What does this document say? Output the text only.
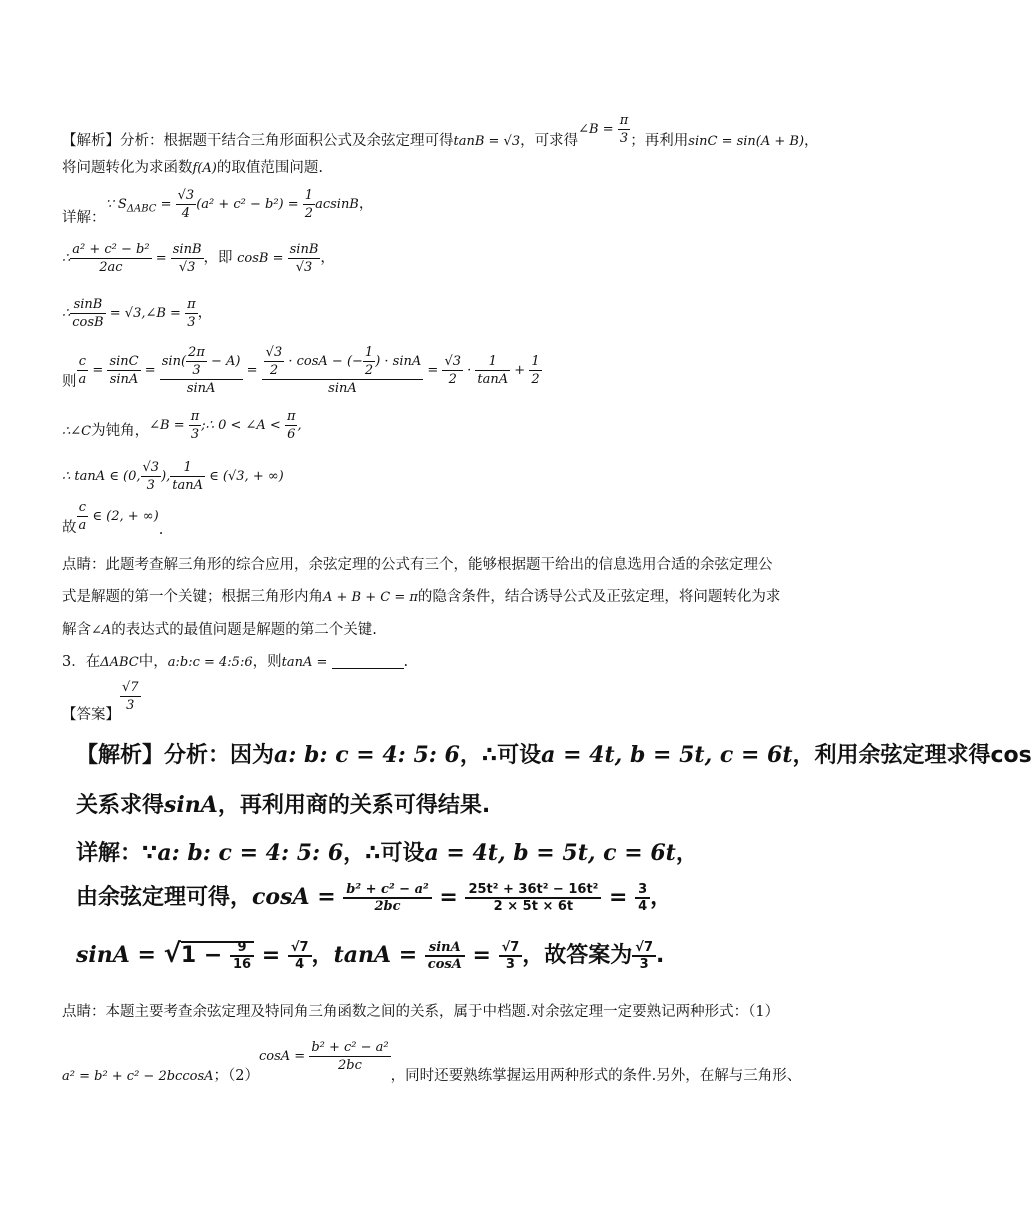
【解析】分析：根据题干结合三角形面积公式及余弦定理可得tanB = √3，可求得∠B = $\frac{\pi}{3}$ ；再利用sinC = sin(A + B)，
将问题转化为求函数f(A)的取值范围问题.
详解：∵ $S_{\Delta ABC} = \frac{√3}{4} (a^2 + c^2 - b^2) = \frac{1}{2}$ acsinB，
∴ $\frac{\text{a² + c² − b²}}{2ac} = \frac{\sin B}{√3}$ ，即 $\cos B = \frac{\sin B}{√3}$ ，
∴ $\frac{\sin B}{\cos B}$ = √3,∠B = $\frac{\pi}{3}$ ，
则 $\frac{c}{a} = \frac{\sin C}{\sin A} = \frac{\sin( \frac{2\pi}{3} - A)}{\sin A} = \frac{\frac{√3}{2} \cdot \cos A - (- \frac{1}{2} ) \cdot \sin A}{\sin A} = \frac{√3}{2} \cdot \frac{1}{\tan A} + \frac{1}{2}$
∴∠C为钝角，∠B = $\frac{\pi}{3}$ ;∴ 0 < ∠A < $\frac{\pi}{6}$ ,
∴ tanA ∈ (0, $\frac{√3}{3}$ ), $\frac{1}{\tan A}$ ∈ (√3, + ∞)
故 $\frac{c}{a}$ ∈ (2, + ∞).
点睛：此题考查解三角形的综合应用，余弦定理的公式有三个，能够根据题干给出的信息选用合适的余弦定理公
式是解题的第一个关键；根据三角形内角A + B + C = π的隐含条件，结合诱导公式及正弦定理，将问题转化为求
解含∠A的表达式的最值问题是解题的第二个关键.
3．在ΔABC中，a:b:c = 4:5:6，则tanA =	.
【答案】
$\frac{√7}{3}$
【解析】分析：因为a: b: c = 4: 5: 6，∴可设a = 4t, b = 5t, c = 6t，利用余弦定理求得cos
关系求得sinA，再利用商的关系可得结果.
详解：∵a: b: c = 4: 5: 6，∴可设a = 4t, b = 5t, c = 6t，
由余弦定理可得，$\cos A = \frac{\text{b² + c² − a²}}{2bc} = \frac{\text{25t² + 36t² − 16t²}}{2 \times 5t \times 6t} = \frac{3}{4}$ ，
$\sin A = √1 - \frac{9}{16} = \frac{√7}{4}$ ，$\tan A = \frac{\sin A}{\cos A} = \frac{√7}{3}$ ，故答案为 $\frac{√7}{3}$ .
点睛：本题主要考查余弦定理及特同角三角函数之间的关系，属于中档题.对余弦定理一定要熟记两种形式：（1）
a² = b² + c² − 2bccosA；$(2)\cos A = \frac{\text{b² + c² − a²}}{2bc}$
，同时还要熟练掌握运用两种形式的条件.另外，在解与三角形、
